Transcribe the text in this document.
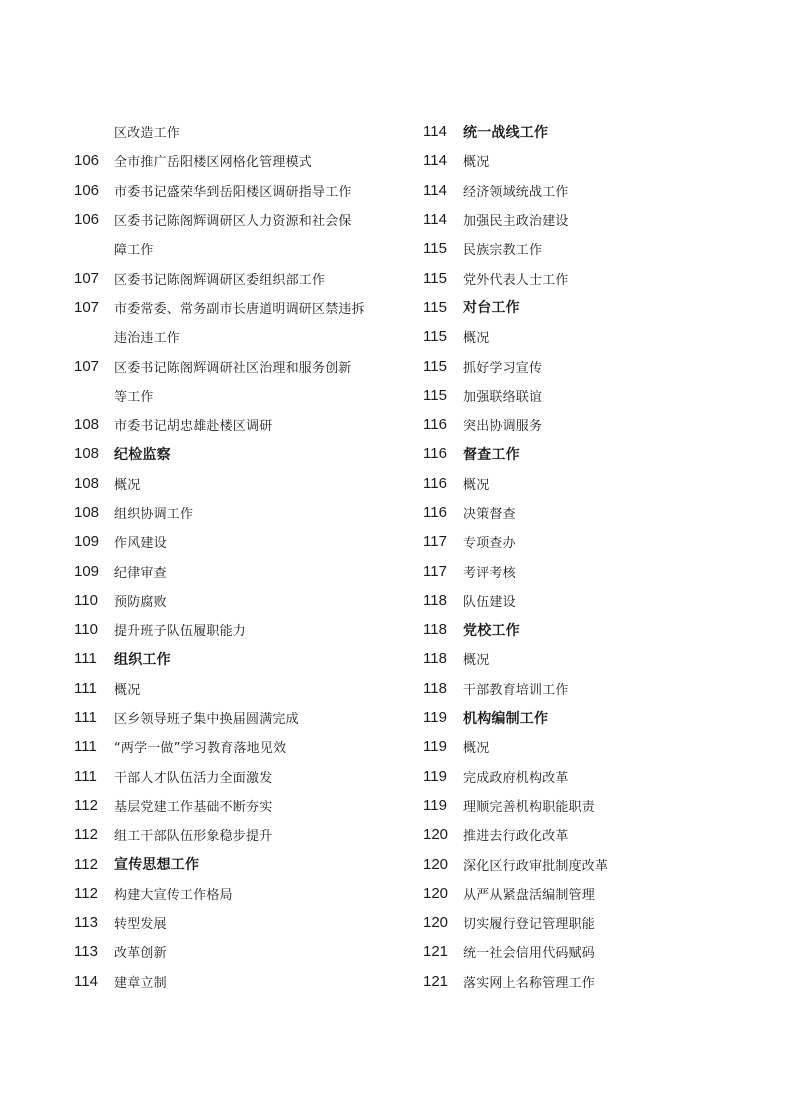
区改造工作
106	全市推广岳阳楼区网格化管理模式
106	市委书记盛荣华到岳阳楼区调研指导工作
106	区委书记陈阁辉调研区人力资源和社会保
障工作
107	区委书记陈阁辉调研区委组织部工作
107	市委常委、常务副市长唐道明调研区禁违拆
违治违工作
107	区委书记陈阁辉调研社区治理和服务创新
等工作
108	市委书记胡忠雄赴楼区调研
108	纪检监察
108	概况
108	组织协调工作
109	作风建设
109	纪律审查
110	预防腐败
110	提升班子队伍履职能力
111	组织工作
111	概况
111	区乡领导班子集中换届圆满完成
111	“两学一做”学习教育落地见效
111	干部人才队伍活力全面激发
112	基层党建工作基础不断夯实
112	组工干部队伍形象稳步提升
112	宣传思想工作
112	构建大宣传工作格局
113	转型发展
113	改革创新
114	建章立制
114	统一战线工作
114	概况
114	经济领域统战工作
114	加强民主政治建设
115	民族宗教工作
115	党外代表人士工作
115	对台工作
115	概况
115	抓好学习宣传
115	加强联络联谊
116	突出协调服务
116	督查工作
116	概况
116	决策督查
117	专项查办
117	考评考核
118	队伍建设
118	党校工作
118	概况
118	干部教育培训工作
119	机构编制工作
119	概况
119	完成政府机构改革
119	理顺完善机构职能职责
120	推进去行政化改革
120	深化区行政审批制度改革
120	从严从紧盘活编制管理
120	切实履行登记管理职能
121	统一社会信用代码赋码
121	落实网上名称管理工作
